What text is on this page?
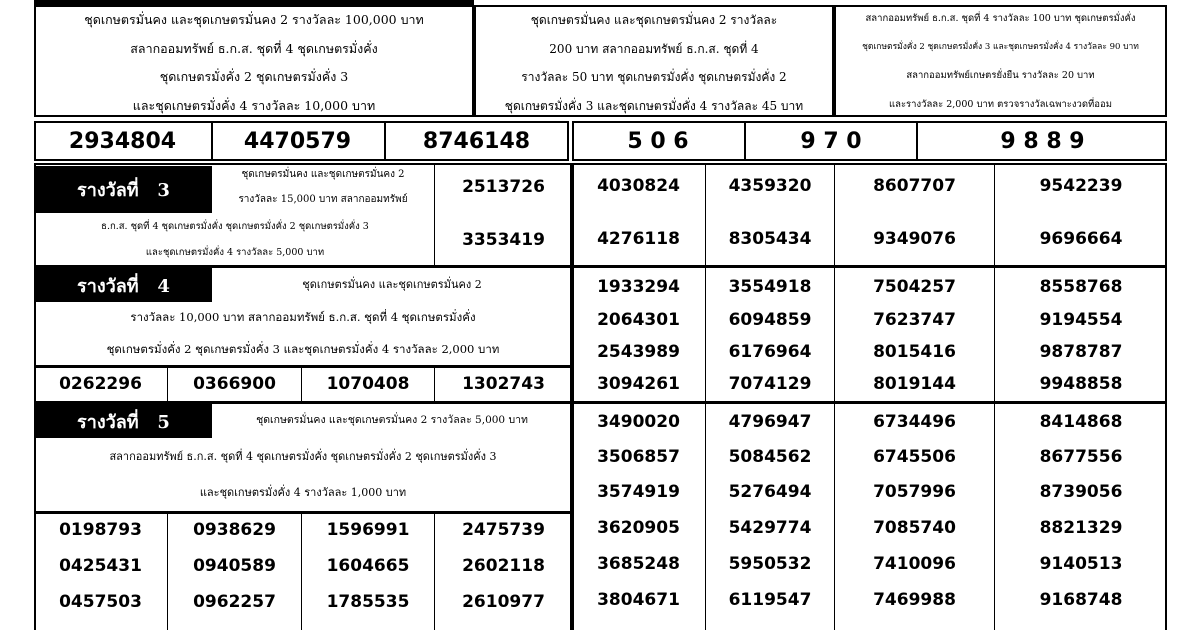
ชุดเกษตรมั่นคง และชุดเกษตรมั่นคง 2 รางวัลละ 100,000 บาท
สลากออมทรัพย์ ธ.ก.ส. ชุดที่ 4 ชุดเกษตรมั่งคั่ง
ชุดเกษตรมั่งคั่ง 2 ชุดเกษตรมั่งคั่ง 3
และชุดเกษตรมั่งคั่ง 4 รางวัลละ 10,000 บาท
ชุดเกษตรมั่นคง และชุดเกษตรมั่นคง 2 รางวัลละ
200 บาท สลากออมทรัพย์ ธ.ก.ส. ชุดที่ 4
รางวัลละ 50 บาท ชุดเกษตรมั่งคั่ง ชุดเกษตรมั่งคั่ง 2
ชุดเกษตรมั่งคั่ง 3 และชุดเกษตรมั่งคั่ง 4 รางวัลละ 45 บาท
สลากออมทรัพย์ ธ.ก.ส. ชุดที่ 4 รางวัลละ 100 บาท ชุดเกษตรมั่งคั่ง
ชุดเกษตรมั่งคั่ง 2 ชุดเกษตรมั่งคั่ง 3 และชุดเกษตรมั่งคั่ง 4 รางวัลละ 90 บาท
สลากออมทรัพย์เกษตรยั่งยืน รางวัลละ 20 บาท
และรางวัลละ 2,000 บาท ตรวจรางวัลเฉพาะงวดที่ออม
2934804	4470579	8746148	5 0 6	9 7 0	9 8 8 9
รางวัลที่   3
ชุดเกษตรมั่นคง และชุดเกษตรมั่นคง 2
รางวัลละ 15,000 บาท สลากออมทรัพย์
ธ.ก.ส. ชุดที่ 4 ชุดเกษตรมั่งคั่ง ชุดเกษตรมั่งคั่ง 2 ชุดเกษตรมั่งคั่ง 3
และชุดเกษตรมั่งคั่ง 4 รางวัลละ 5,000 บาท
2513726
3353419
รางวัลที่   4	ชุดเกษตรมั่นคง และชุดเกษตรมั่นคง 2
รางวัลละ 10,000 บาท สลากออมทรัพย์ ธ.ก.ส. ชุดที่ 4 ชุดเกษตรมั่งคั่ง
ชุดเกษตรมั่งคั่ง 2 ชุดเกษตรมั่งคั่ง 3 และชุดเกษตรมั่งคั่ง 4 รางวัลละ 2,000 บาท
0262296	0366900	1070408	1302743
รางวัลที่   5	ชุดเกษตรมั่นคง และชุดเกษตรมั่นคง 2 รางวัลละ 5,000 บาท
สลากออมทรัพย์ ธ.ก.ส. ชุดที่ 4 ชุดเกษตรมั่งคั่ง ชุดเกษตรมั่งคั่ง 2 ชุดเกษตรมั่งคั่ง 3
และชุดเกษตรมั่งคั่ง 4 รางวัลละ 1,000 บาท
0198793	0938629	1596991	2475739
0425431	0940589	1604665	2602118
0457503	0962257	1785535	2610977
4030824	4359320	8607707	9542239
4276118	8305434	9349076	9696664
1933294	3554918	7504257	8558768
2064301	6094859	7623747	9194554
2543989	6176964	8015416	9878787
3094261	7074129	8019144	9948858
3490020	4796947	6734496	8414868
3506857	5084562	6745506	8677556
3574919	5276494	7057996	8739056
3620905	5429774	7085740	8821329
3685248	5950532	7410096	9140513
3804671	6119547	7469988	9168748
